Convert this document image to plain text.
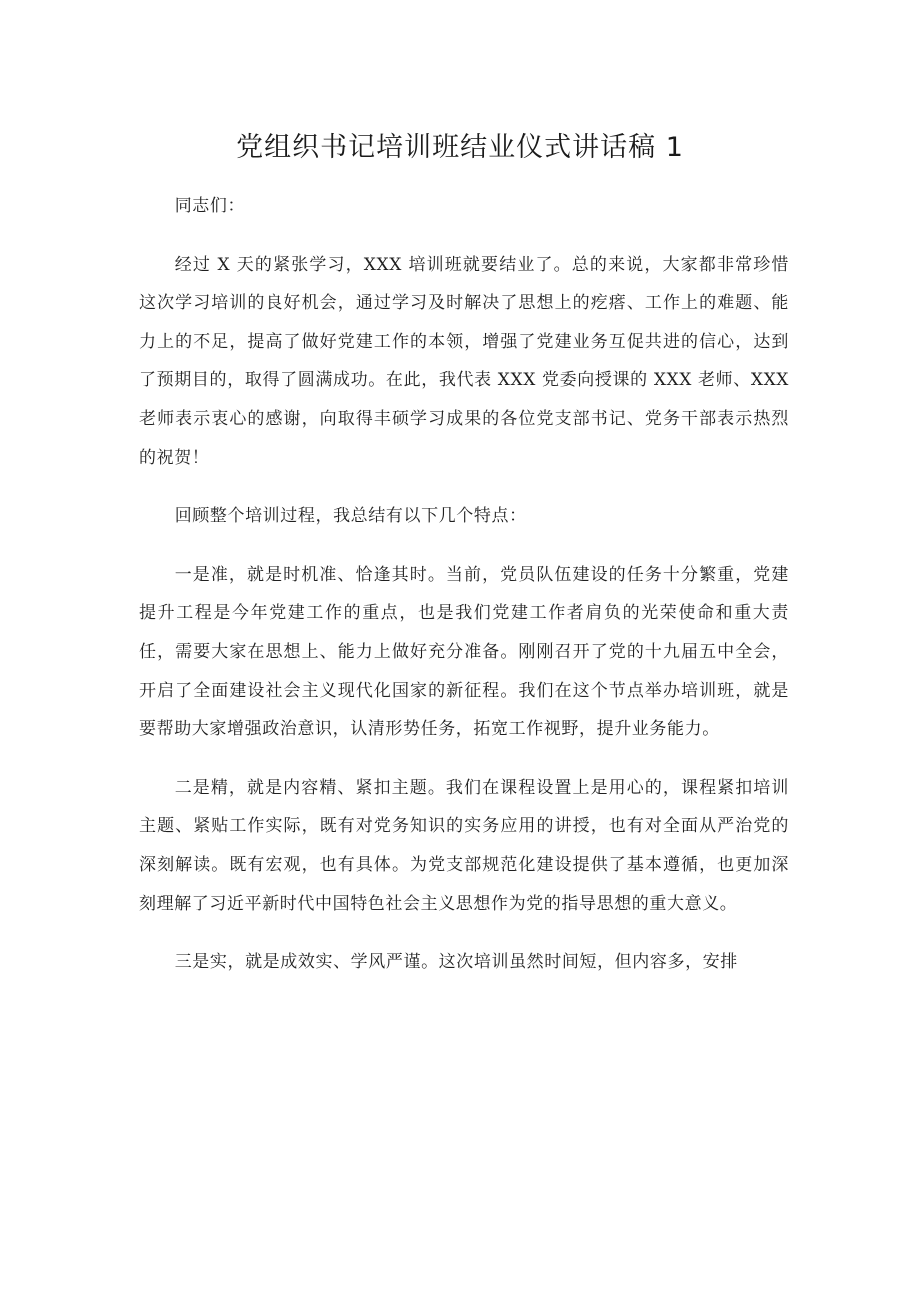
党组织书记培训班结业仪式讲话稿 1

同志们：

经过 X 天的紧张学习，XXX 培训班就要结业了。总的来说，大家都非常珍惜这次学习培训的良好机会，通过学习及时解决了思想上的疙瘩、工作上的难题、能力上的不足，提高了做好党建工作的本领，增强了党建业务互促共进的信心，达到了预期目的，取得了圆满成功。在此，我代表 XXX 党委向授课的 XXX 老师、XXX 老师表示衷心的感谢，向取得丰硕学习成果的各位党支部书记、党务干部表示热烈的祝贺！

回顾整个培训过程，我总结有以下几个特点：

一是准，就是时机准、恰逢其时。当前，党员队伍建设的任务十分繁重，党建提升工程是今年党建工作的重点，也是我们党建工作者肩负的光荣使命和重大责任，需要大家在思想上、能力上做好充分准备。刚刚召开了党的十九届五中全会，开启了全面建设社会主义现代化国家的新征程。我们在这个节点举办培训班，就是要帮助大家增强政治意识，认清形势任务，拓宽工作视野，提升业务能力。

二是精，就是内容精、紧扣主题。我们在课程设置上是用心的，课程紧扣培训主题、紧贴工作实际，既有对党务知识的实务应用的讲授，也有对全面从严治党的深刻解读。既有宏观，也有具体。为党支部规范化建设提供了基本遵循，也更加深刻理解了习近平新时代中国特色社会主义思想作为党的指导思想的重大意义。

三是实，就是成效实、学风严谨。这次培训虽然时间短，但内容多，安排
